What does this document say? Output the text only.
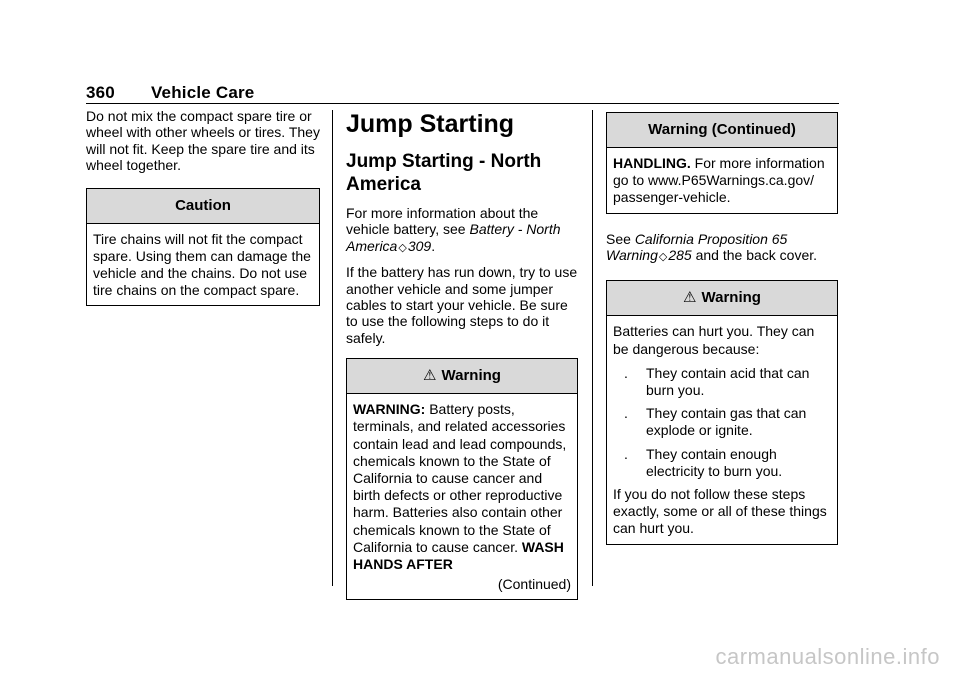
360 Vehicle Care

Do not mix the compact spare tire or wheel with other wheels or tires. They will not fit. Keep the spare tire and its wheel together.

Caution

Tire chains will not fit the compact spare. Using them can damage the vehicle and the chains. Do not use tire chains on the compact spare.

Jump Starting
Jump Starting - North America

For more information about the vehicle battery, see Battery - North America◇309.

If the battery has run down, try to use another vehicle and some jumper cables to start your vehicle. Be sure to use the following steps to do it safely.

⚠ Warning

WARNING: Battery posts, terminals, and related accessories contain lead and lead compounds, chemicals known to the State of California to cause cancer and birth defects or other reproductive harm. Batteries also contain other chemicals known to the State of California to cause cancer. WASH HANDS AFTER

(Continued)
Warning (Continued)

HANDLING. For more information go to www.P65Warnings.ca.gov/ passenger-vehicle.

See California Proposition 65 Warning◇285 and the back cover.

⚠ Warning

Batteries can hurt you. They can be dangerous because:

. They contain acid that can burn you.
. They contain gas that can explode or ignite.
. They contain enough electricity to burn you.

If you do not follow these steps exactly, some or all of these things can hurt you.

carmanualsonline.info
